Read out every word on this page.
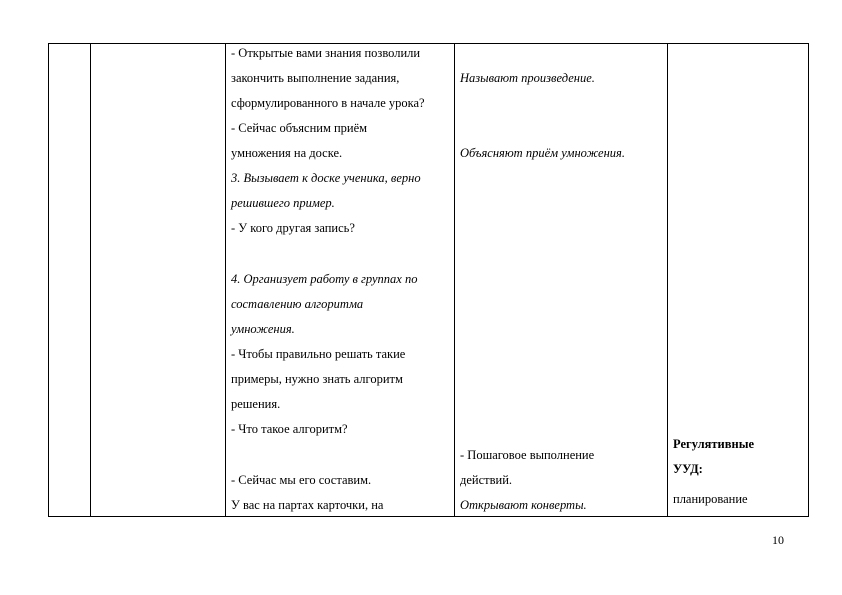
- Открытые вами знания позволили
закончить выполнение задания,
сформулированного в начале урока?
- Сейчас объясним приём
умножения на доске.
3. Вызывает к доске ученика, верно
решившего пример.
- У кого другая запись?
4. Организует работу в группах по
составлению алгоритма
умножения.
- Чтобы правильно решать такие
примеры, нужно знать алгоритм
решения.
- Что такое алгоритм?
- Сейчас мы его составим.
У вас на партах карточки, на

Называют произведение.
Объясняют приём умножения.
- Пошаговое выполнение
действий.
Открывают конверты.

Регулятивные
УУД:
планирование
10
